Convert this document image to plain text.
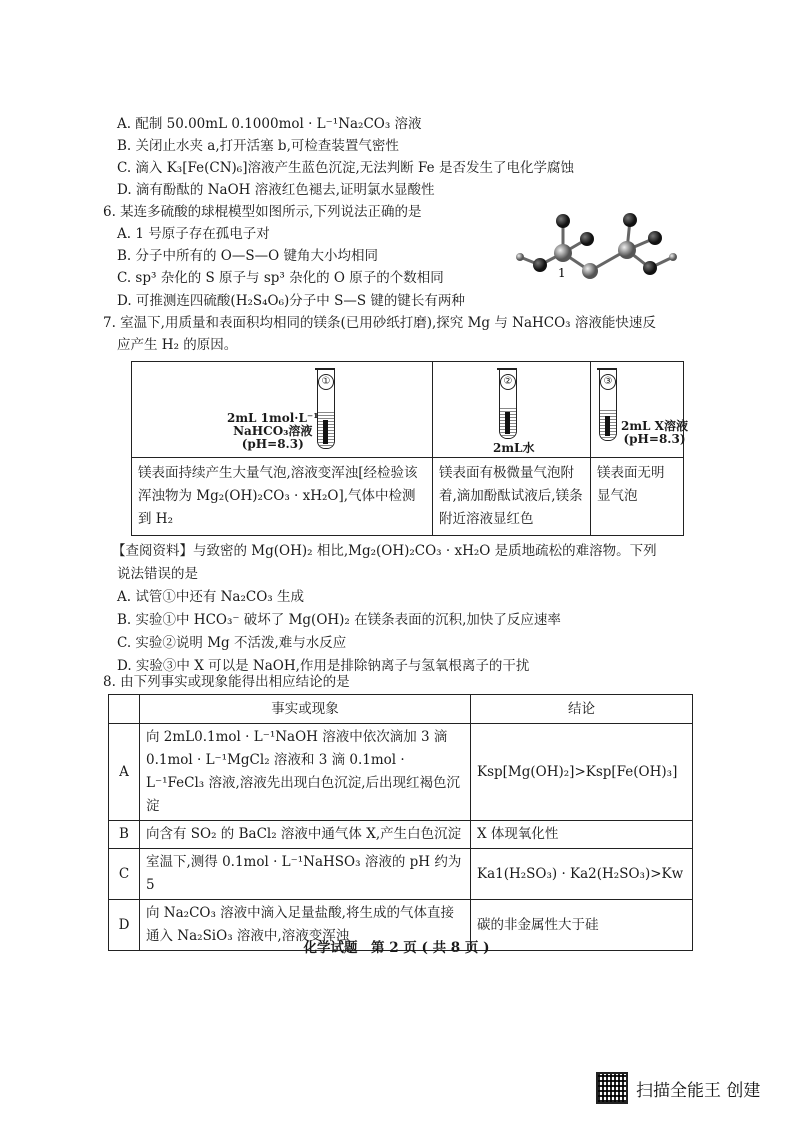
A. 配制 50.00mL 0.1000mol · L⁻¹Na₂CO₃ 溶液
B. 关闭止水夹 a,打开活塞 b,可检查装置气密性
C. 滴入 K₃[Fe(CN)₆]溶液产生蓝色沉淀,无法判断 Fe 是否发生了电化学腐蚀
D. 滴有酚酞的 NaOH 溶液红色褪去,证明氯水显酸性
6. 某连多硫酸的球棍模型如图所示,下列说法正确的是
A. 1 号原子存在孤电子对
B. 分子中所有的 O—S—O 键角大小均相同
C. sp³ 杂化的 S 原子与 sp³ 杂化的 O 原子的个数相同
D. 可推测连四硫酸(H₂S₄O₆)分子中 S—S 键的键长有两种
1
7. 室温下,用质量和表面积均相同的镁条(已用砂纸打磨),探究 Mg 与 NaHCO₃ 溶液能快速反
应产生 H₂ 的原因。
①
2mL 1mol·L⁻¹
NaHCO₃溶液
(pH=8.3)

②
2mL水

③
2mL X溶液
(pH=8.3)

镁表面持续产生大量气泡,溶液变浑浊[经检验该浑浊物为 Mg₂(OH)₂CO₃ · xH₂O],气体中检测到 H₂	镁表面有极微量气泡附着,滴加酚酞试液后,镁条附近溶液显红色	镁表面无明显气泡
【查阅资料】与致密的 Mg(OH)₂ 相比,Mg₂(OH)₂CO₃ · xH₂O 是质地疏松的难溶物。下列
说法错误的是
A. 试管①中还有 Na₂CO₃ 生成
B. 实验①中 HCO₃⁻ 破坏了 Mg(OH)₂ 在镁条表面的沉积,加快了反应速率
C. 实验②说明 Mg 不活泼,难与水反应
D. 实验③中 X 可以是 NaOH,作用是排除钠离子与氢氧根离子的干扰
8. 由下列事实或现象能得出相应结论的是
	事实或现象	结论
A	向 2mL0.1mol · L⁻¹NaOH 溶液中依次滴加 3 滴 0.1mol · L⁻¹MgCl₂ 溶液和 3 滴 0.1mol · L⁻¹FeCl₃ 溶液,溶液先出现白色沉淀,后出现红褐色沉淀	Ksp[Mg(OH)₂]>Ksp[Fe(OH)₃]
B	向含有 SO₂ 的 BaCl₂ 溶液中通气体 X,产生白色沉淀	X 体现氧化性
C	室温下,测得 0.1mol · L⁻¹NaHSO₃ 溶液的 pH 约为 5	Ka1(H₂SO₃) · Ka2(H₂SO₃)>Kw
D	向 Na₂CO₃ 溶液中滴入足量盐酸,将生成的气体直接通入 Na₂SiO₃ 溶液中,溶液变浑浊	碳的非金属性大于硅
化学试题　第 2 页 ( 共 8 页 )
扫描全能王 创建
